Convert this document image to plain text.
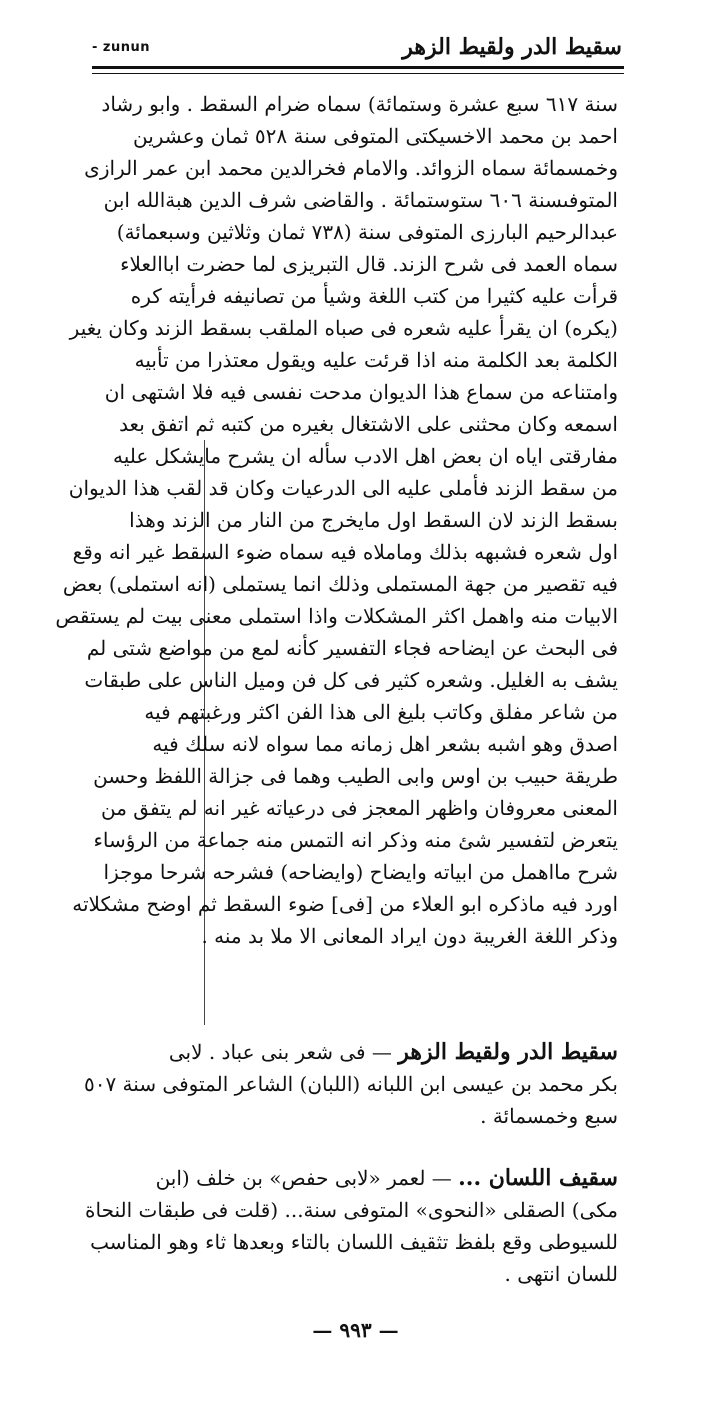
سقيط الدر ولقيط الزهر
- zunun
سنة ٦١٧ سبع عشرة وستمائة) سماه ضرام السقط . وابو رشاد
احمد بن محمد الاخسيكتى المتوفى سنة ٥٢٨ ثمان وعشرين
وخمسمائة سماه الزوائد. والامام فخرالدين محمد ابن عمر الرازى
المتوفىسنة ٦٠٦ ستوستمائة . والقاضى شرف الدين هبةالله ابن
عبدالرحيم البارزى المتوفى سنة (٧٣٨ ثمان وثلاثين وسبعمائة)
سماه العمد فى شرح الزند. قال التبريزى لما حضرت اباالعلاء
قرأت عليه كثيرا من كتب اللغة وشيأ من تصانيفه فرأيته كره
(يكره) ان يقرأ عليه شعره فى صباه الملقب بسقط الزند وكان يغير
الكلمة بعد الكلمة منه اذا قرئت عليه ويقول معتذرا من تأبيه
وامتناعه من سماع هذا الديوان مدحت نفسى فيه فلا اشتهى ان
اسمعه وكان محثنى على الاشتغال بغيره من كتبه ثم اتفق بعد
مفارقتى اياه ان بعض اهل الادب سأله ان يشرح مايشكل عليه
من سقط الزند فأملى عليه الى الدرعيات وكان قد لقب هذا الديوان
بسقط الزند لان السقط اول مايخرج من النار من الزند وهذا
اول شعره فشبهه بذلك وماملاه فيه سماه ضوء السقط غير انه وقع
فيه تقصير من جهة المستملى وذلك انما يستملى (انه استملى) بعض
الابيات منه واهمل اكثر المشكلات واذا استملى معنى بيت لم يستقص
فى البحث عن ايضاحه فجاء التفسير كأنه لمع من مواضع شتى لم
يشف به الغليل. وشعره كثير فى كل فن وميل الناس على طبقات
من شاعر مفلق وكاتب بليغ الى هذا الفن اكثر ورغبتهم فيه
اصدق وهو اشبه بشعر اهل زمانه مما سواه لانه سلك فيه
طريقة حبيب بن اوس وابى الطيب وهما فى جزالة اللفظ وحسن
المعنى معروفان واظهر المعجز فى درعياته غير انه لم يتفق من
يتعرض لتفسير شئ منه وذكر انه التمس منه جماعة من الرؤساء
شرح مااهمل من ابياته وايضاح (وايضاحه) فشرحه شرحا موجزا
اورد فيه ماذكره ابو العلاء من [فى] ضوء السقط ثم اوضح مشكلاته
وذكر اللغة الغريبة دون ايراد المعانى الا ملا بد منه .
سقيط الدر ولقيط الزهر — فى شعر بنى عباد . لابى
بكر محمد بن عيسى ابن اللبانه (اللبان) الشاعر المتوفى سنة ٥٠٧
سبع وخمسمائة .
سقيف اللسان ... — لعمر «لابى حفص» بن خلف (ابن
مكى) الصقلى «النحوى» المتوفى سنة... (قلت فى طبقات النحاة
للسيوطى وقع بلفظ تثقيف اللسان بالتاء وبعدها ثاء وهو المناسب
للسان انتهى .
— ٩٩٣ —
